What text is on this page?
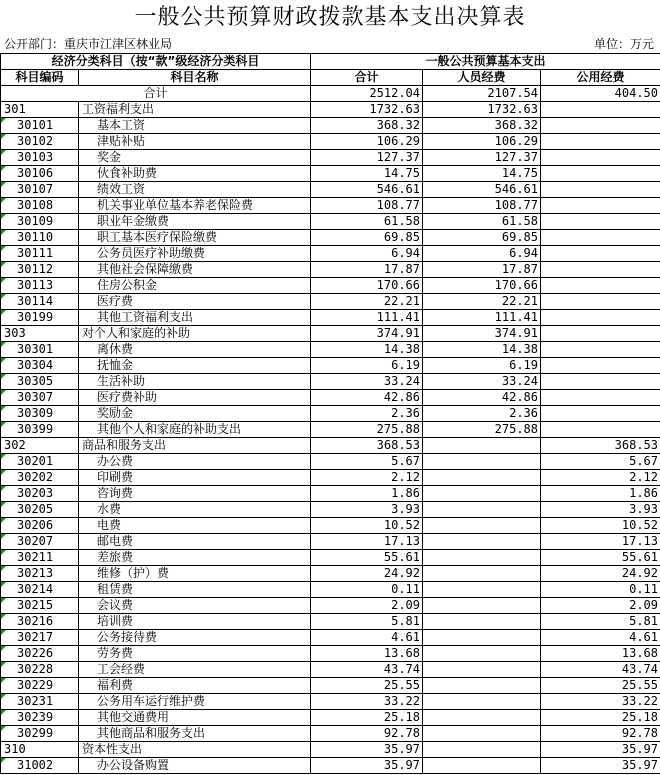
一般公共预算财政拨款基本支出决算表
公开部门：重庆市江津区林业局	单位：万元
经济分类科目（按“款”级经济分类科目		一般公共预算基本支出		
科目编码	科目名称	合计	人员经费	公用经费
合计		2512.04	2107.54	404.50
301	工资福利支出	1732.63	1732.63	

30101	基本工资	368.32	368.32	

30102	津贴补贴	106.29	106.29	

30103	奖金	127.37	127.37	

30106	伙食补助费	14.75	14.75	

30107	绩效工资	546.61	546.61	

30108	机关事业单位基本养老保险费	108.77	108.77	

30109	职业年金缴费	61.58	61.58	

30110	职工基本医疗保险缴费	69.85	69.85	

30111	公务员医疗补助缴费	6.94	6.94	

30112	其他社会保障缴费	17.87	17.87	

30113	住房公积金	170.66	170.66	

30114	医疗费	22.21	22.21	

30199	其他工资福利支出	111.41	111.41	
303	对个人和家庭的补助	374.91	374.91	

30301	离休费	14.38	14.38	

30304	抚恤金	6.19	6.19	

30305	生活补助	33.24	33.24	

30307	医疗费补助	42.86	42.86	

30309	奖励金	2.36	2.36	

30399	其他个人和家庭的补助支出	275.88	275.88	
302	商品和服务支出	368.53		368.53

30201	办公费	5.67		5.67

30202	印刷费	2.12		2.12

30203	咨询费	1.86		1.86

30205	水费	3.93		3.93

30206	电费	10.52		10.52

30207	邮电费	17.13		17.13

30211	差旅费	55.61		55.61

30213	维修（护）费	24.92		24.92

30214	租赁费	0.11		0.11

30215	会议费	2.09		2.09

30216	培训费	5.81		5.81

30217	公务接待费	4.61		4.61

30226	劳务费	13.68		13.68

30228	工会经费	43.74		43.74

30229	福利费	25.55		25.55

30231	公务用车运行维护费	33.22		33.22

30239	其他交通费用	25.18		25.18

30299	其他商品和服务支出	92.78		92.78
310	资本性支出	35.97		35.97

31002	办公设备购置	35.97		35.97
